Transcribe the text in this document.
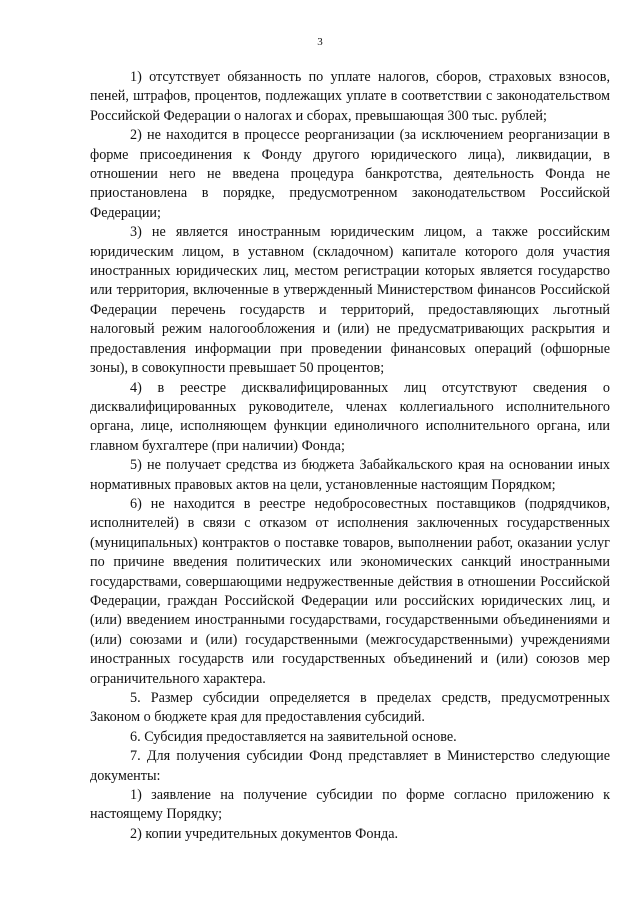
3

1) отсутствует обязанность по уплате налогов, сборов, страховых взносов, пеней, штрафов, процентов, подлежащих уплате в соответствии с законодательством Российской Федерации о налогах и сборах, превышающая 300 тыс. рублей;

2) не находится в процессе реорганизации (за исключением реорганизации в форме присоединения к Фонду другого юридического лица), ликвидации, в отношении него не введена процедура банкротства, деятельность Фонда не приостановлена в порядке, предусмотренном законодательством Российской Федерации;

3) не является иностранным юридическим лицом, а также российским юридическим лицом, в уставном (складочном) капитале которого доля участия иностранных юридических лиц, местом регистрации которых является государство или территория, включенные в утвержденный Министерством финансов Российской Федерации перечень государств и территорий, предоставляющих льготный налоговый режим налогообложения и (или) не предусматривающих раскрытия и предоставления информации при проведении финансовых операций (офшорные зоны), в совокупности превышает 50 процентов;

4) в реестре дисквалифицированных лиц отсутствуют сведения о дисквалифицированных руководителе, членах коллегиального исполнительного органа, лице, исполняющем функции единоличного исполнительного органа, или главном бухгалтере (при наличии) Фонда;

5) не получает средства из бюджета Забайкальского края на основании иных нормативных правовых актов на цели, установленные настоящим Порядком;

6) не находится в реестре недобросовестных поставщиков (подрядчиков, исполнителей) в связи с отказом от исполнения заключенных государственных (муниципальных) контрактов о поставке товаров, выполнении работ, оказании услуг по причине введения политических или экономических санкций иностранными государствами, совершающими недружественные действия в отношении Российской Федерации, граждан Российской Федерации или российских юридических лиц, и (или) введением иностранными государствами, государственными объединениями и (или) союзами и (или) государственными (межгосударственными) учреждениями иностранных государств или государственных объединений и (или) союзов мер ограничительного характера.

5. Размер субсидии определяется в пределах средств, предусмотренных Законом о бюджете края для предоставления субсидий.

6. Субсидия предоставляется на заявительной основе.

7. Для получения субсидии Фонд представляет в Министерство следующие документы:

1) заявление на получение субсидии по форме согласно приложению к настоящему Порядку;

2) копии учредительных документов Фонда.
